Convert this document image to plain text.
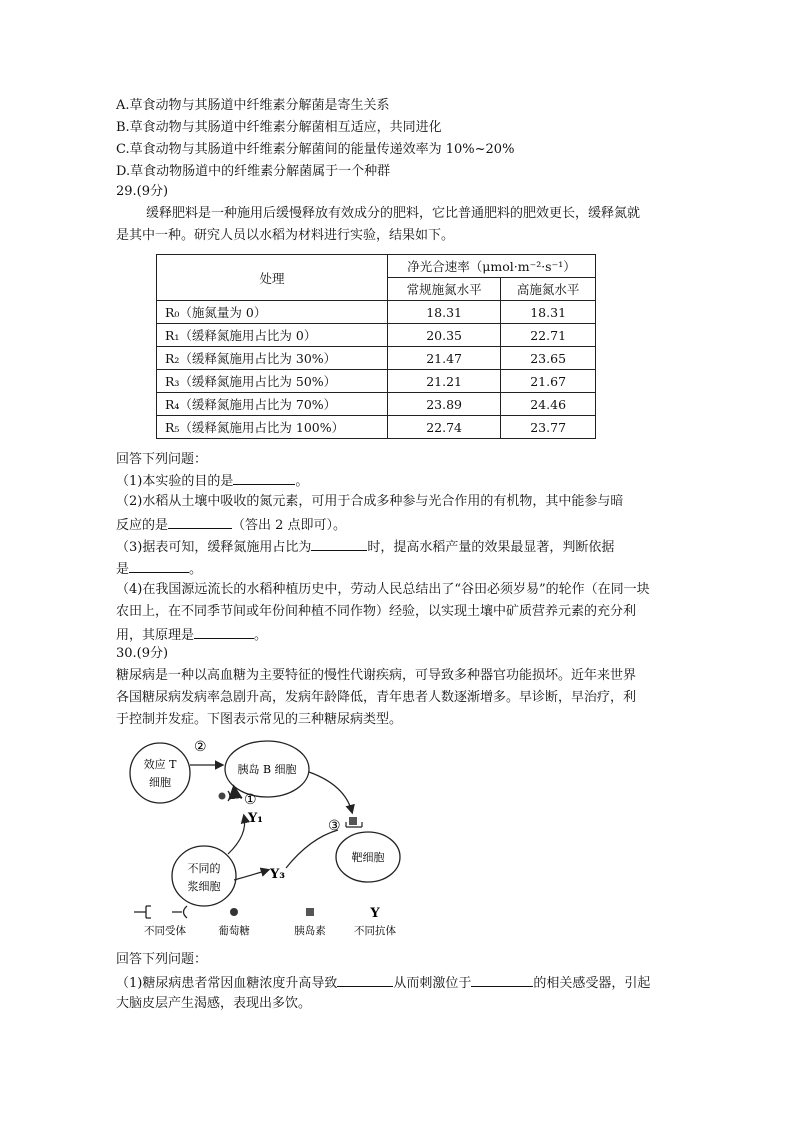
A.草食动物与其肠道中纤维素分解菌是寄生关系
B.草食动物与其肠道中纤维素分解菌相互适应，共同进化
C.草食动物与其肠道中纤维素分解菌间的能量传递效率为 10%~20%
D.草食动物肠道中的纤维素分解菌属于一个种群
29.(9分)
缓释肥料是一种施用后缓慢释放有效成分的肥料，它比普通肥料的肥效更长，缓释氮就
是其中一种。研究人员以水稻为材料进行实验，结果如下。
处理	净光合速率（μmol·m⁻²·s⁻¹）	
	常规施氮水平	高施氮水平
R₀（施氮量为 0）	18.31	18.31
R₁（缓释氮施用占比为 0）	20.35	22.71
R₂（缓释氮施用占比为 30%）	21.47	23.65
R₃（缓释氮施用占比为 50%）	21.21	21.67
R₄（缓释氮施用占比为 70%）	23.89	24.46
R₅（缓释氮施用占比为 100%）	22.74	23.77
回答下列问题：
（1)本实验的目的是	。
（2)水稻从土壤中吸收的氮元素，可用于合成多种参与光合作用的有机物，其中能参与暗
反应的是	（答出 2 点即可）。
（3)据表可知，缓释氮施用占比为	时，提高水稻产量的效果最显著，判断依据
是	。
（4)在我国源远流长的水稻种植历史中，劳动人民总结出了“谷田必须岁易”的轮作（在同一块
农田上，在不同季节间或年份间种植不同作物）经验，以实现土壤中矿质营养元素的充分利
用，其原理是	。
30.(9分)
糖尿病是一种以高血糖为主要特征的慢性代谢疾病，可导致多种器官功能损坏。近年来世界
各国糖尿病发病率急剧升高，发病年龄降低，青年患者人数逐渐增多。早诊断，早治疗，利
于控制并发症。下图表示常见的三种糖尿病类型。
效应 T
细胞
胰岛 B 细胞
不同的
浆细胞
靶细胞
②
①
③
Y₁
Y₃
Y
不同受体	葡萄糖	胰岛素	不同抗体
回答下列问题：
（1)糖尿病患者常因血糖浓度升高导致	从而刺激位于	的相关感受器，引起
大脑皮层产生渴感，表现出多饮。
